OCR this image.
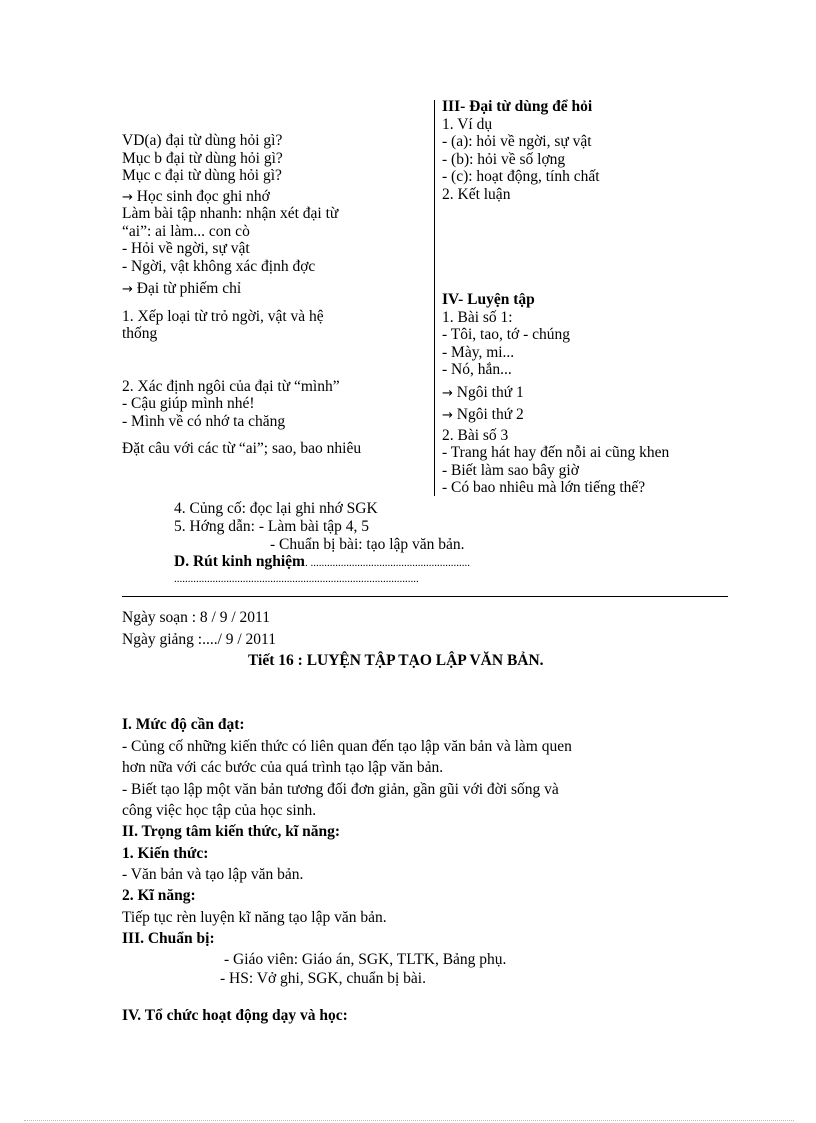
VD(a) đại từ dùng hỏi gì?
Mục b đại từ dùng hỏi gì?
Mục c đại từ dùng hỏi gì?
→ Học sinh đọc ghi nhớ
Làm bài tập nhanh: nhận xét đại từ
“ai”: ai làm... con cò
- Hỏi về ngời, sự vật
- Ngời, vật không xác định đợc
→ Đại từ phiếm chỉ
1. Xếp loại từ trỏ ngời, vật và hệ
thống
2. Xác định ngôi của đại từ “mình”
- Cậu giúp mình nhé!
- Mình về có nhớ ta chăng
Đặt câu với các từ “ai”; sao, bao nhiêu
III- Đại từ dùng để hỏi
1. Ví dụ
- (a): hỏi về ngời, sự vật
- (b): hỏi về số lợng
- (c): hoạt động, tính chất
2. Kết luận
IV- Luyện tập
1. Bài số 1:
- Tôi, tao, tớ - chúng
- Mày, mi...
- Nó, hắn...
→ Ngôi thứ 1
→ Ngôi thứ 2
2. Bài số 3
- Trang hát hay đến nỗi ai cũng khen
- Biết làm sao bây giờ
- Có bao nhiêu mà lớn tiếng thế?
4. Củng cố: đọc lại ghi nhớ SGK
5. Hớng dẫn: - Làm bài tập 4, 5
- Chuẩn bị bài: tạo lập văn bản.
D. Rút kinh nghiệm. ..........................................................
.........................................................................................
Ngày soạn : 8 / 9 / 2011
Ngày giảng :..../ 9 / 2011
Tiết 16 : LUYỆN TẬP TẠO LẬP VĂN BẢN.
I. Mức độ cần đạt:
- Củng cố những kiến thức có liên quan đến tạo lập văn bản và làm quen
hơn nữa với các bước của quá trình tạo lập văn bản.
- Biết tạo lập một văn bản tương đối đơn giản, gần gũi với đời sống và
công việc học tập của học sinh.
II. Trọng tâm kiến thức, kĩ năng:
1. Kiến thức:
- Văn bản và tạo lập văn bản.
2. Kĩ năng:
Tiếp tục rèn luyện kĩ năng tạo lập văn bản.
III. Chuẩn bị:
- Giáo viên: Giáo án, SGK, TLTK, Bảng phụ.
- HS: Vở ghi, SGK, chuẩn bị bài.
IV. Tổ chức hoạt động dạy và học:
